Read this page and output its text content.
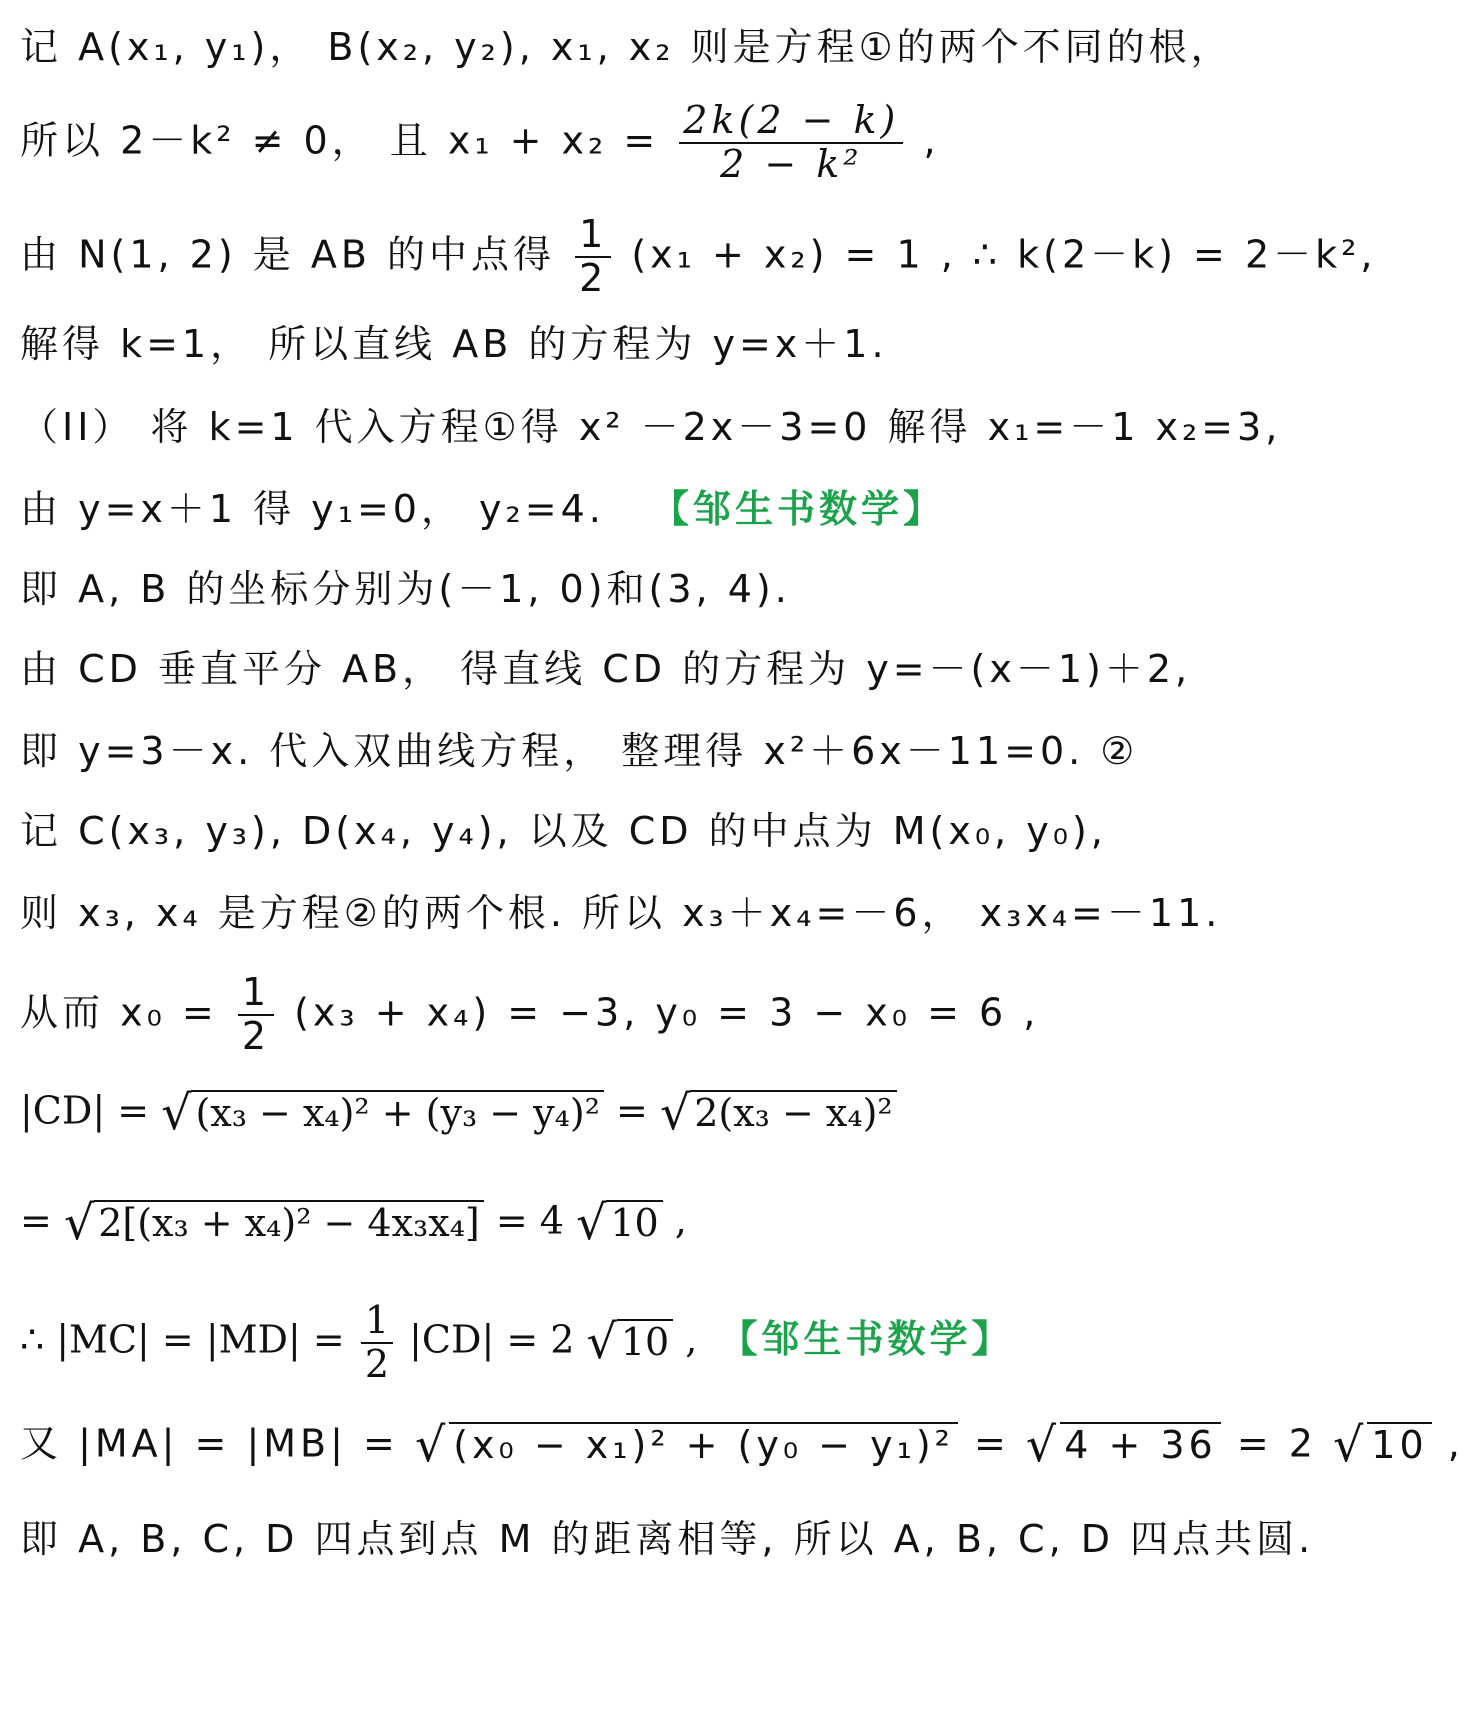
记 A(x₁, y₁)， B(x₂, y₂), x₁, x₂ 则是方程①的两个不同的根，
所以 2－k² ≠ 0， 且 $x_1 + x_2 = \frac{2k(2 - k)}{\text{2 − k²}}$ ,
由 N(1, 2) 是 AB 的中点得 $\frac{1}{2} (x_1 + x_2) = 1$ , ∴ k(2－k) = 2－k²,
解得 k=1， 所以直线 AB 的方程为 y=x＋1.
（II） 将 k=1 代入方程①得 x² －2x－3=0 解得 x₁=－1 x₂=3,
由 y=x＋1 得 y₁=0， y₂=4. 【邹生书数学】
即 A, B 的坐标分别为(－1, 0)和(3, 4).
由 CD 垂直平分 AB， 得直线 CD 的方程为 y=－(x－1)＋2,
即 y=3－x. 代入双曲线方程， 整理得 x²＋6x－11=0. ②
记 C(x₃, y₃), D(x₄, y₄), 以及 CD 的中点为 M(x₀, y₀),
则 x₃, x₄ 是方程②的两个根. 所以 x₃＋x₄=－6， x₃x₄=－11.
从而 $x_0 = \frac{1}{2} (x_3 + x_4) = -3$, y₀ = 3 − x₀ = 6 ,
|CD| = √ (x₃ − x₄)² + (y₃ − y₄)² = √ 2(x₃ − x₄)²
= √ 2[(x₃ + x₄)² − 4x₃x₄] = 4 √ 10 ,
∴ $|MC| = |MD| = \frac{1}{2} |CD| = 2$ √ 10 , 【邹生书数学】
又 |MA| = |MB| = √ (x₀ − x₁)² + (y₀ − y₁)² = √ 4 + 36 = 2 √ 10 ,
即 A, B, C, D 四点到点 M 的距离相等, 所以 A, B, C, D 四点共圆.
